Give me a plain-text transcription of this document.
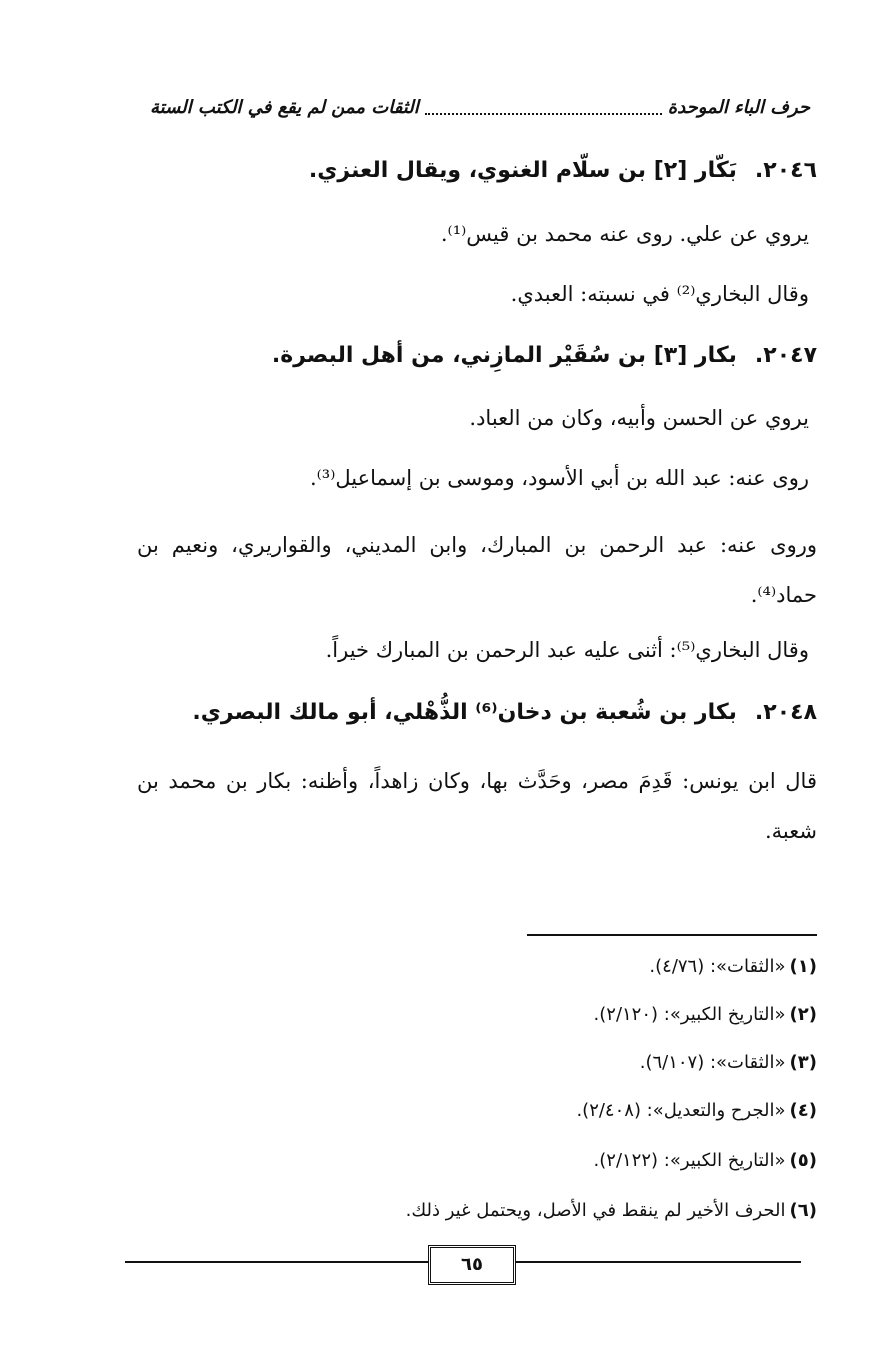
حرف الباء الموحدة
الثقات ممن لم يقع في الكتب الستة
٢٠٤٦.بَكّار [٢] بن سلّام الغنوي، ويقال العنزي.
يروي عن علي. روى عنه محمد بن قيس⁽¹⁾.
وقال البخاري⁽²⁾ في نسبته: العبدي.
٢٠٤٧.بكار [٣] بن سُقَيْر المازِني، من أهل البصرة.
يروي عن الحسن وأبيه، وكان من العباد.
روى عنه: عبد الله بن أبي الأسود، وموسى بن إسماعيل⁽³⁾.
وروى عنه: عبد الرحمن بن المبارك، وابن المديني، والقواريري، ونعيم بن حماد⁽⁴⁾.
وقال البخاري⁽⁵⁾: أثنى عليه عبد الرحمن بن المبارك خيراً.
٢٠٤٨.بكار بن شُعبة بن دخان⁽⁶⁾ الذُّهْلي، أبو مالك البصري.
قال ابن يونس: قَدِمَ مصر، وحَدَّث بها، وكان زاهداً، وأظنه: بكار بن محمد بن شعبة.
(١)«الثقات»: (٤/٧٦).
(٢)«التاريخ الكبير»: (٢/١٢٠).
(٣)«الثقات»: (٦/١٠٧).
(٤)«الجرح والتعديل»: (٢/٤٠٨).
(٥)«التاريخ الكبير»: (٢/١٢٢).
(٦)الحرف الأخير لم ينقط في الأصل، ويحتمل غير ذلك.
٦٥
